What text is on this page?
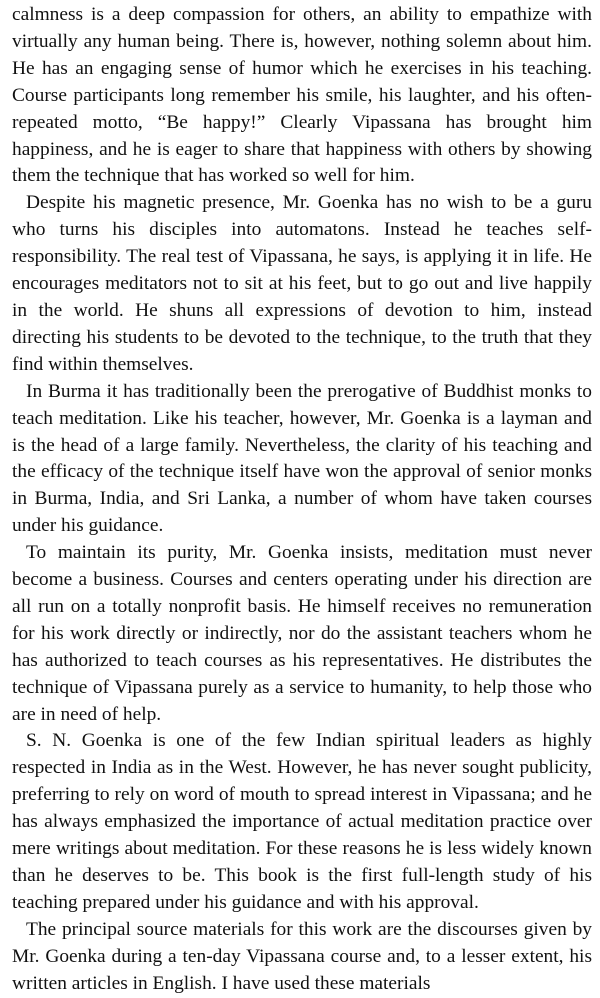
calmness is a deep compassion for others, an ability to empathize with virtually any human being. There is, however, nothing solemn about him. He has an engaging sense of humor which he exercises in his teaching. Course participants long remember his smile, his laughter, and his often-repeated motto, “Be happy!” Clearly Vipassana has brought him happiness, and he is eager to share that happiness with others by showing them the technique that has worked so well for him.

Despite his magnetic presence, Mr. Goenka has no wish to be a guru who turns his disciples into automatons. Instead he teaches self-responsibility. The real test of Vipassana, he says, is applying it in life. He encourages meditators not to sit at his feet, but to go out and live happily in the world. He shuns all expressions of devotion to him, instead directing his students to be devoted to the technique, to the truth that they find within themselves.

In Burma it has traditionally been the prerogative of Buddhist monks to teach meditation. Like his teacher, however, Mr. Goenka is a layman and is the head of a large family. Nevertheless, the clarity of his teaching and the efficacy of the technique itself have won the approval of senior monks in Burma, India, and Sri Lanka, a number of whom have taken courses under his guidance.

To maintain its purity, Mr. Goenka insists, meditation must never become a business. Courses and centers operating under his direction are all run on a totally nonprofit basis. He himself receives no remuneration for his work directly or indirectly, nor do the assistant teachers whom he has authorized to teach courses as his representatives. He distributes the technique of Vipassana purely as a service to humanity, to help those who are in need of help.

S. N. Goenka is one of the few Indian spiritual leaders as highly respected in India as in the West. However, he has never sought publicity, preferring to rely on word of mouth to spread interest in Vipassana; and he has always emphasized the importance of actual meditation practice over mere writings about meditation. For these reasons he is less widely known than he deserves to be. This book is the first full-length study of his teaching prepared under his guidance and with his approval.

The principal source materials for this work are the discourses given by Mr. Goenka during a ten-day Vipassana course and, to a lesser extent, his written articles in English. I have used these materials
